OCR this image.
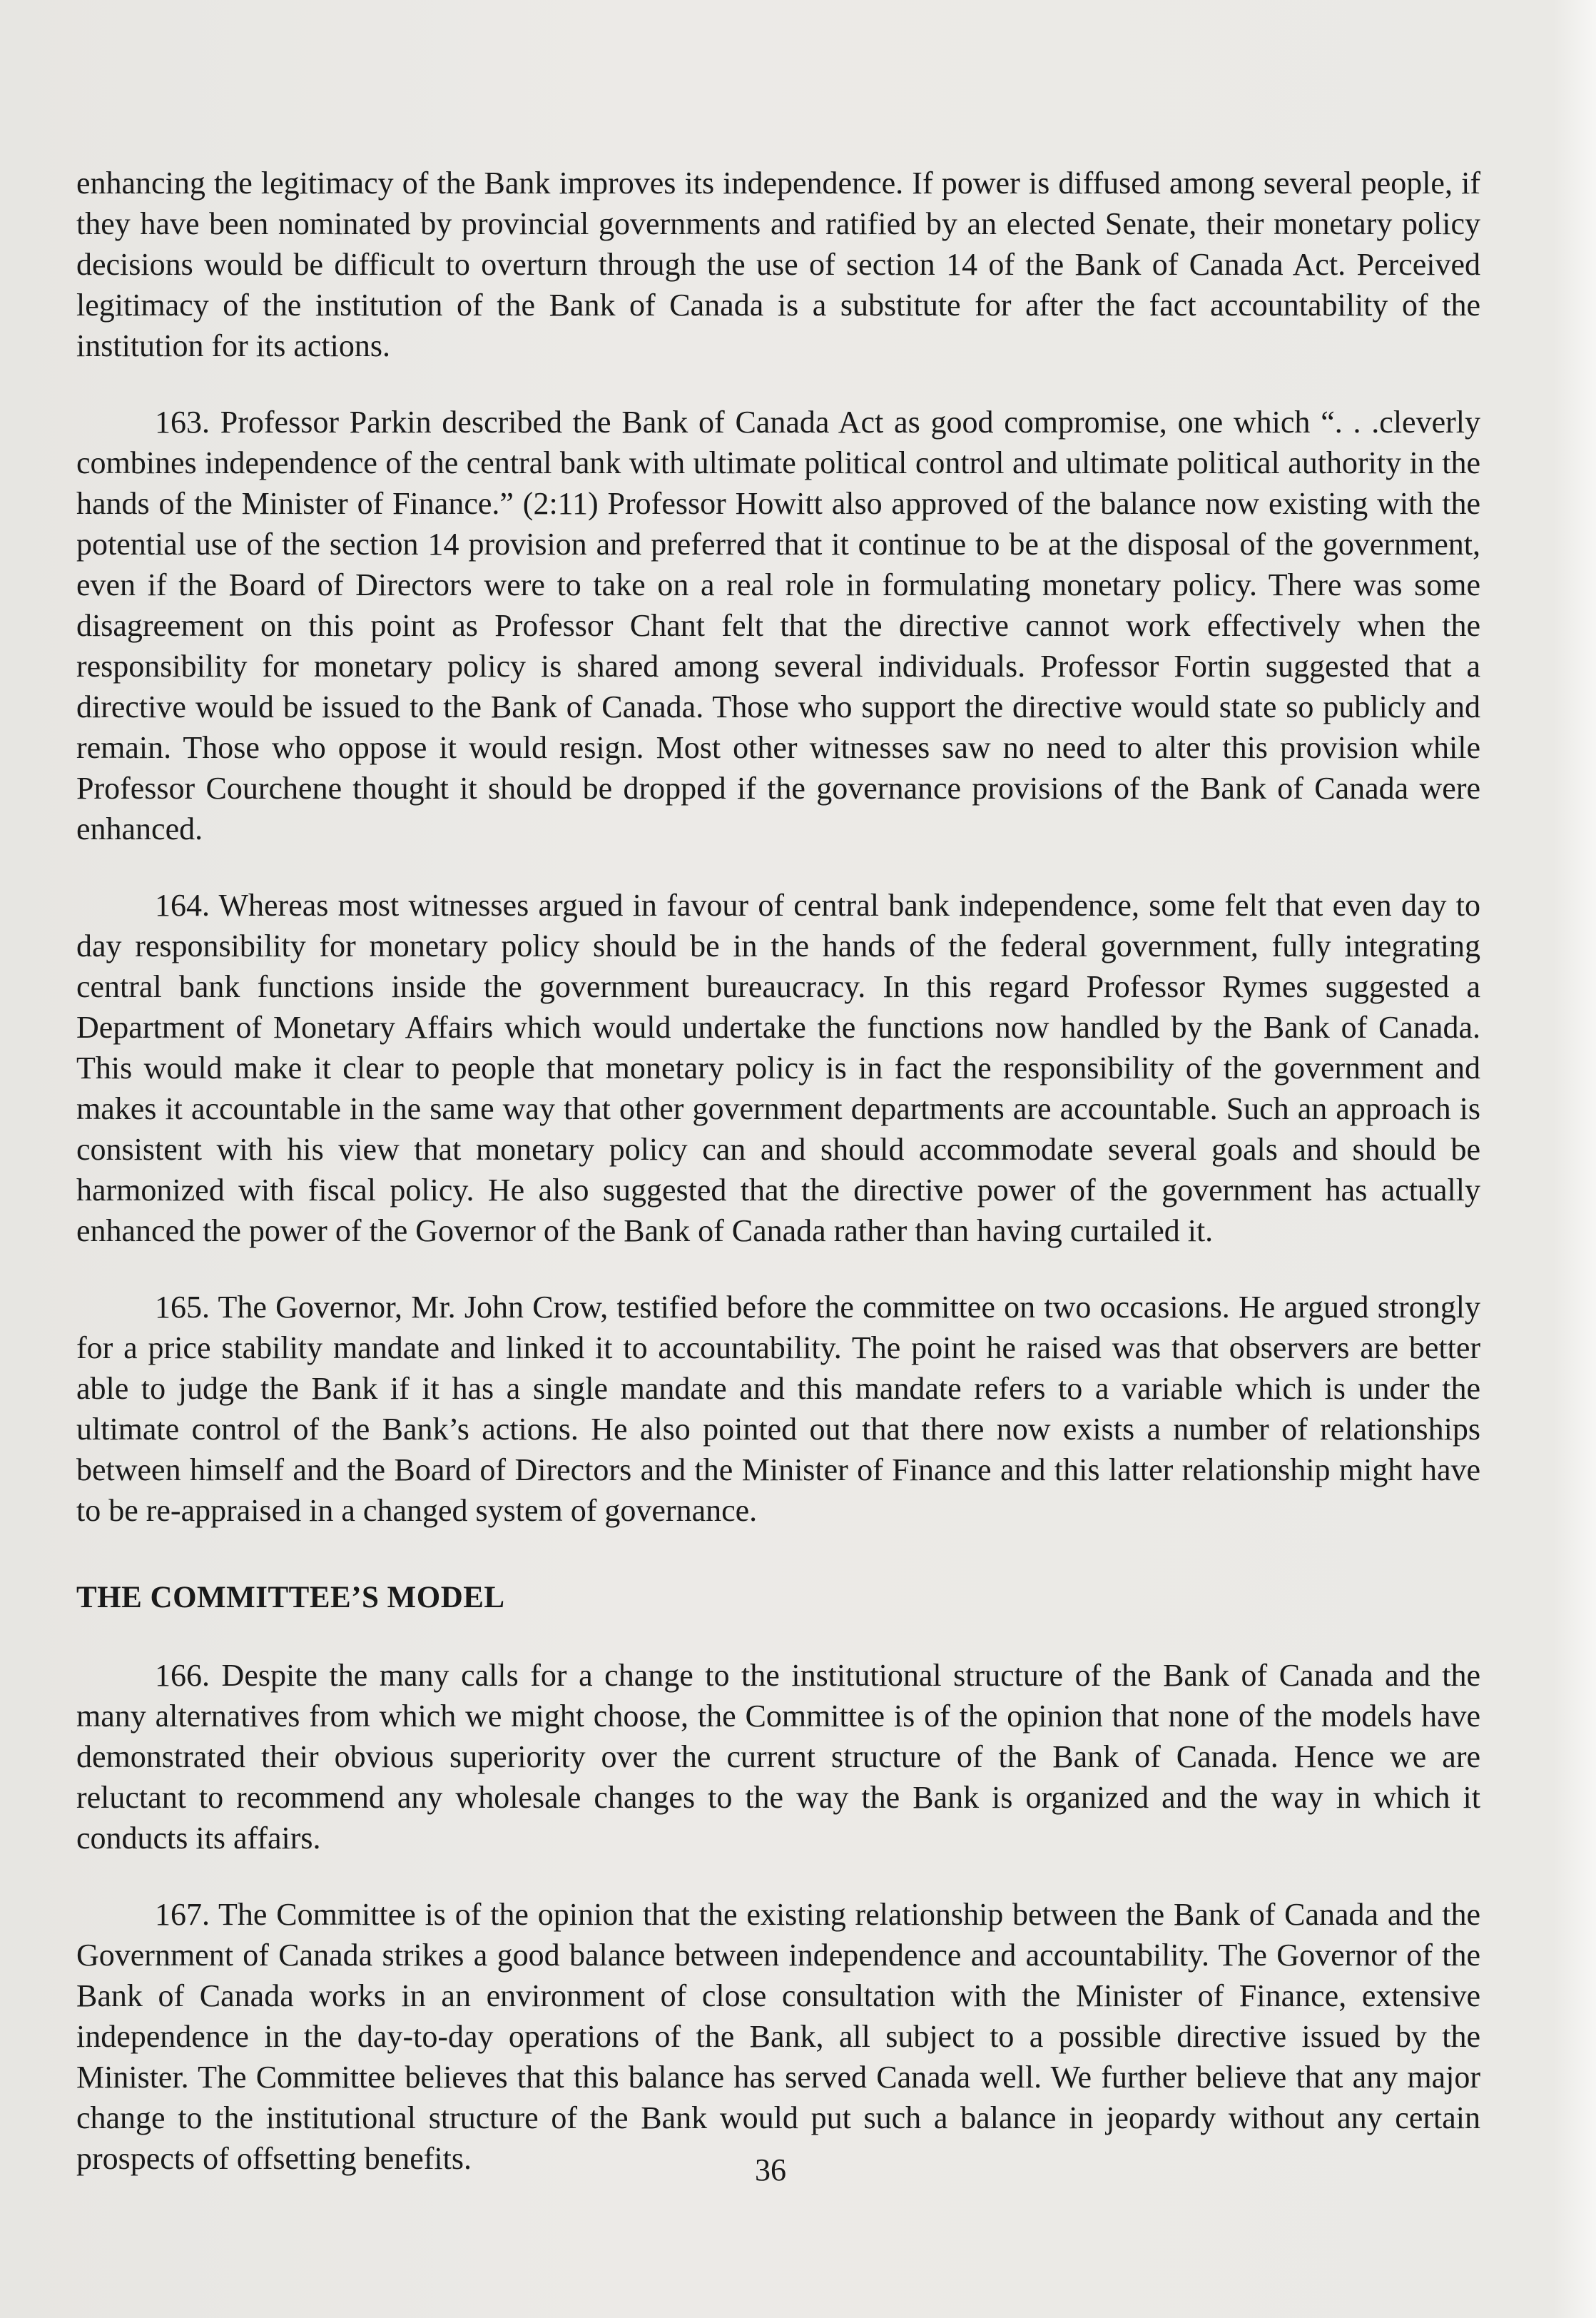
enhancing the legitimacy of the Bank improves its independence. If power is diffused among several people, if they have been nominated by provincial governments and ratified by an elected Senate, their monetary policy decisions would be difficult to overturn through the use of section 14 of the Bank of Canada Act. Perceived legitimacy of the institution of the Bank of Canada is a substitute for after the fact accountability of the institution for its actions.

163. Professor Parkin described the Bank of Canada Act as good compromise, one which “. . .cleverly combines independence of the central bank with ultimate political control and ultimate political authority in the hands of the Minister of Finance.” (2:11) Professor Howitt also approved of the balance now existing with the potential use of the section 14 provision and preferred that it continue to be at the disposal of the government, even if the Board of Directors were to take on a real role in formulating monetary policy. There was some disagreement on this point as Professor Chant felt that the directive cannot work effectively when the responsibility for monetary policy is shared among several individuals. Professor Fortin suggested that a directive would be issued to the Bank of Canada. Those who support the directive would state so publicly and remain. Those who oppose it would resign. Most other witnesses saw no need to alter this provision while Professor Courchene thought it should be dropped if the governance provisions of the Bank of Canada were enhanced.

164. Whereas most witnesses argued in favour of central bank independence, some felt that even day to day responsibility for monetary policy should be in the hands of the federal government, fully integrating central bank functions inside the government bureaucracy. In this regard Professor Rymes suggested a Department of Monetary Affairs which would undertake the functions now handled by the Bank of Canada. This would make it clear to people that monetary policy is in fact the responsibility of the government and makes it accountable in the same way that other government departments are accountable. Such an approach is consistent with his view that monetary policy can and should accommodate several goals and should be harmonized with fiscal policy. He also suggested that the directive power of the government has actually enhanced the power of the Governor of the Bank of Canada rather than having curtailed it.

165. The Governor, Mr. John Crow, testified before the committee on two occasions. He argued strongly for a price stability mandate and linked it to accountability. The point he raised was that observers are better able to judge the Bank if it has a single mandate and this mandate refers to a variable which is under the ultimate control of the Bank’s actions. He also pointed out that there now exists a number of relationships between himself and the Board of Directors and the Minister of Finance and this latter relationship might have to be re-appraised in a changed system of governance.

THE COMMITTEE’S MODEL

166. Despite the many calls for a change to the institutional structure of the Bank of Canada and the many alternatives from which we might choose, the Committee is of the opinion that none of the models have demonstrated their obvious superiority over the current structure of the Bank of Canada. Hence we are reluctant to recommend any wholesale changes to the way the Bank is organized and the way in which it conducts its affairs.

167. The Committee is of the opinion that the existing relationship between the Bank of Canada and the Government of Canada strikes a good balance between independence and accountability. The Governor of the Bank of Canada works in an environment of close consultation with the Minister of Finance, extensive independence in the day-to-day operations of the Bank, all subject to a possible directive issued by the Minister. The Committee believes that this balance has served Canada well. We further believe that any major change to the institutional structure of the Bank would put such a balance in jeopardy without any certain prospects of offsetting benefits.	36
